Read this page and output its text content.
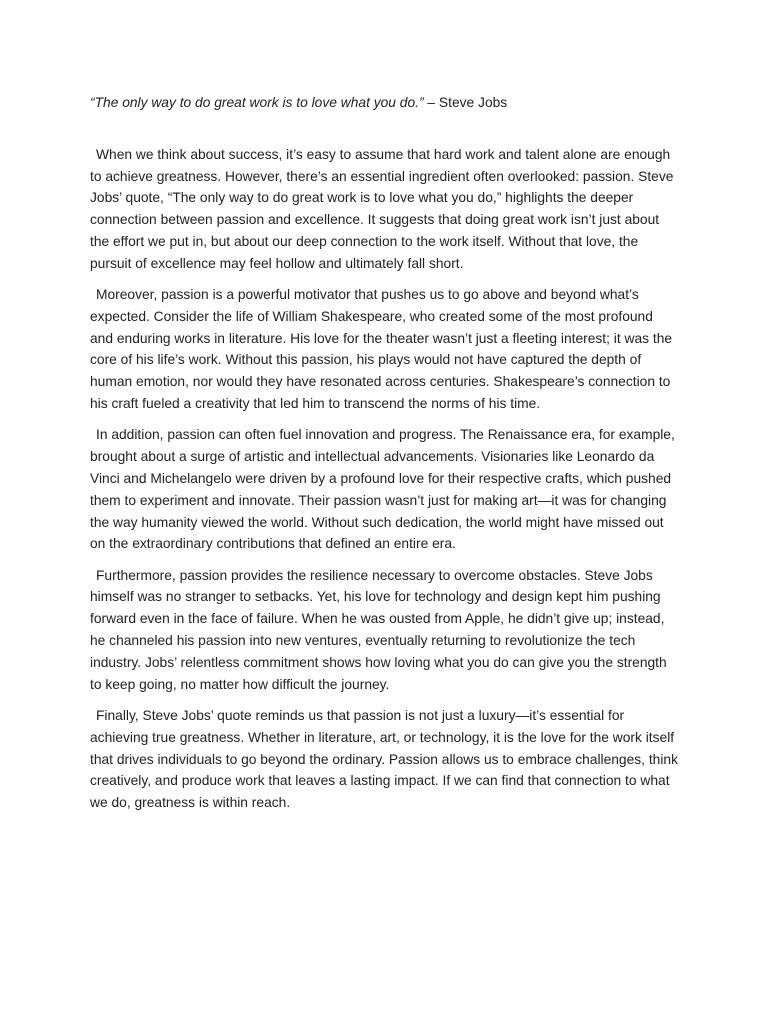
“The only way to do great work is to love what you do.” – Steve Jobs

When we think about success, it’s easy to assume that hard work and talent alone are enough to achieve greatness. However, there’s an essential ingredient often overlooked: passion. Steve Jobs’ quote, “The only way to do great work is to love what you do,” highlights the deeper connection between passion and excellence. It suggests that doing great work isn’t just about the effort we put in, but about our deep connection to the work itself. Without that love, the pursuit of excellence may feel hollow and ultimately fall short.

Moreover, passion is a powerful motivator that pushes us to go above and beyond what’s expected. Consider the life of William Shakespeare, who created some of the most profound and enduring works in literature. His love for the theater wasn’t just a fleeting interest; it was the core of his life’s work. Without this passion, his plays would not have captured the depth of human emotion, nor would they have resonated across centuries. Shakespeare’s connection to his craft fueled a creativity that led him to transcend the norms of his time.

In addition, passion can often fuel innovation and progress. The Renaissance era, for example, brought about a surge of artistic and intellectual advancements. Visionaries like Leonardo da Vinci and Michelangelo were driven by a profound love for their respective crafts, which pushed them to experiment and innovate. Their passion wasn’t just for making art—it was for changing the way humanity viewed the world. Without such dedication, the world might have missed out on the extraordinary contributions that defined an entire era.

Furthermore, passion provides the resilience necessary to overcome obstacles. Steve Jobs himself was no stranger to setbacks. Yet, his love for technology and design kept him pushing forward even in the face of failure. When he was ousted from Apple, he didn’t give up; instead, he channeled his passion into new ventures, eventually returning to revolutionize the tech industry. Jobs’ relentless commitment shows how loving what you do can give you the strength to keep going, no matter how difficult the journey.

Finally, Steve Jobs’ quote reminds us that passion is not just a luxury—it’s essential for achieving true greatness. Whether in literature, art, or technology, it is the love for the work itself that drives individuals to go beyond the ordinary. Passion allows us to embrace challenges, think creatively, and produce work that leaves a lasting impact. If we can find that connection to what we do, greatness is within reach.
